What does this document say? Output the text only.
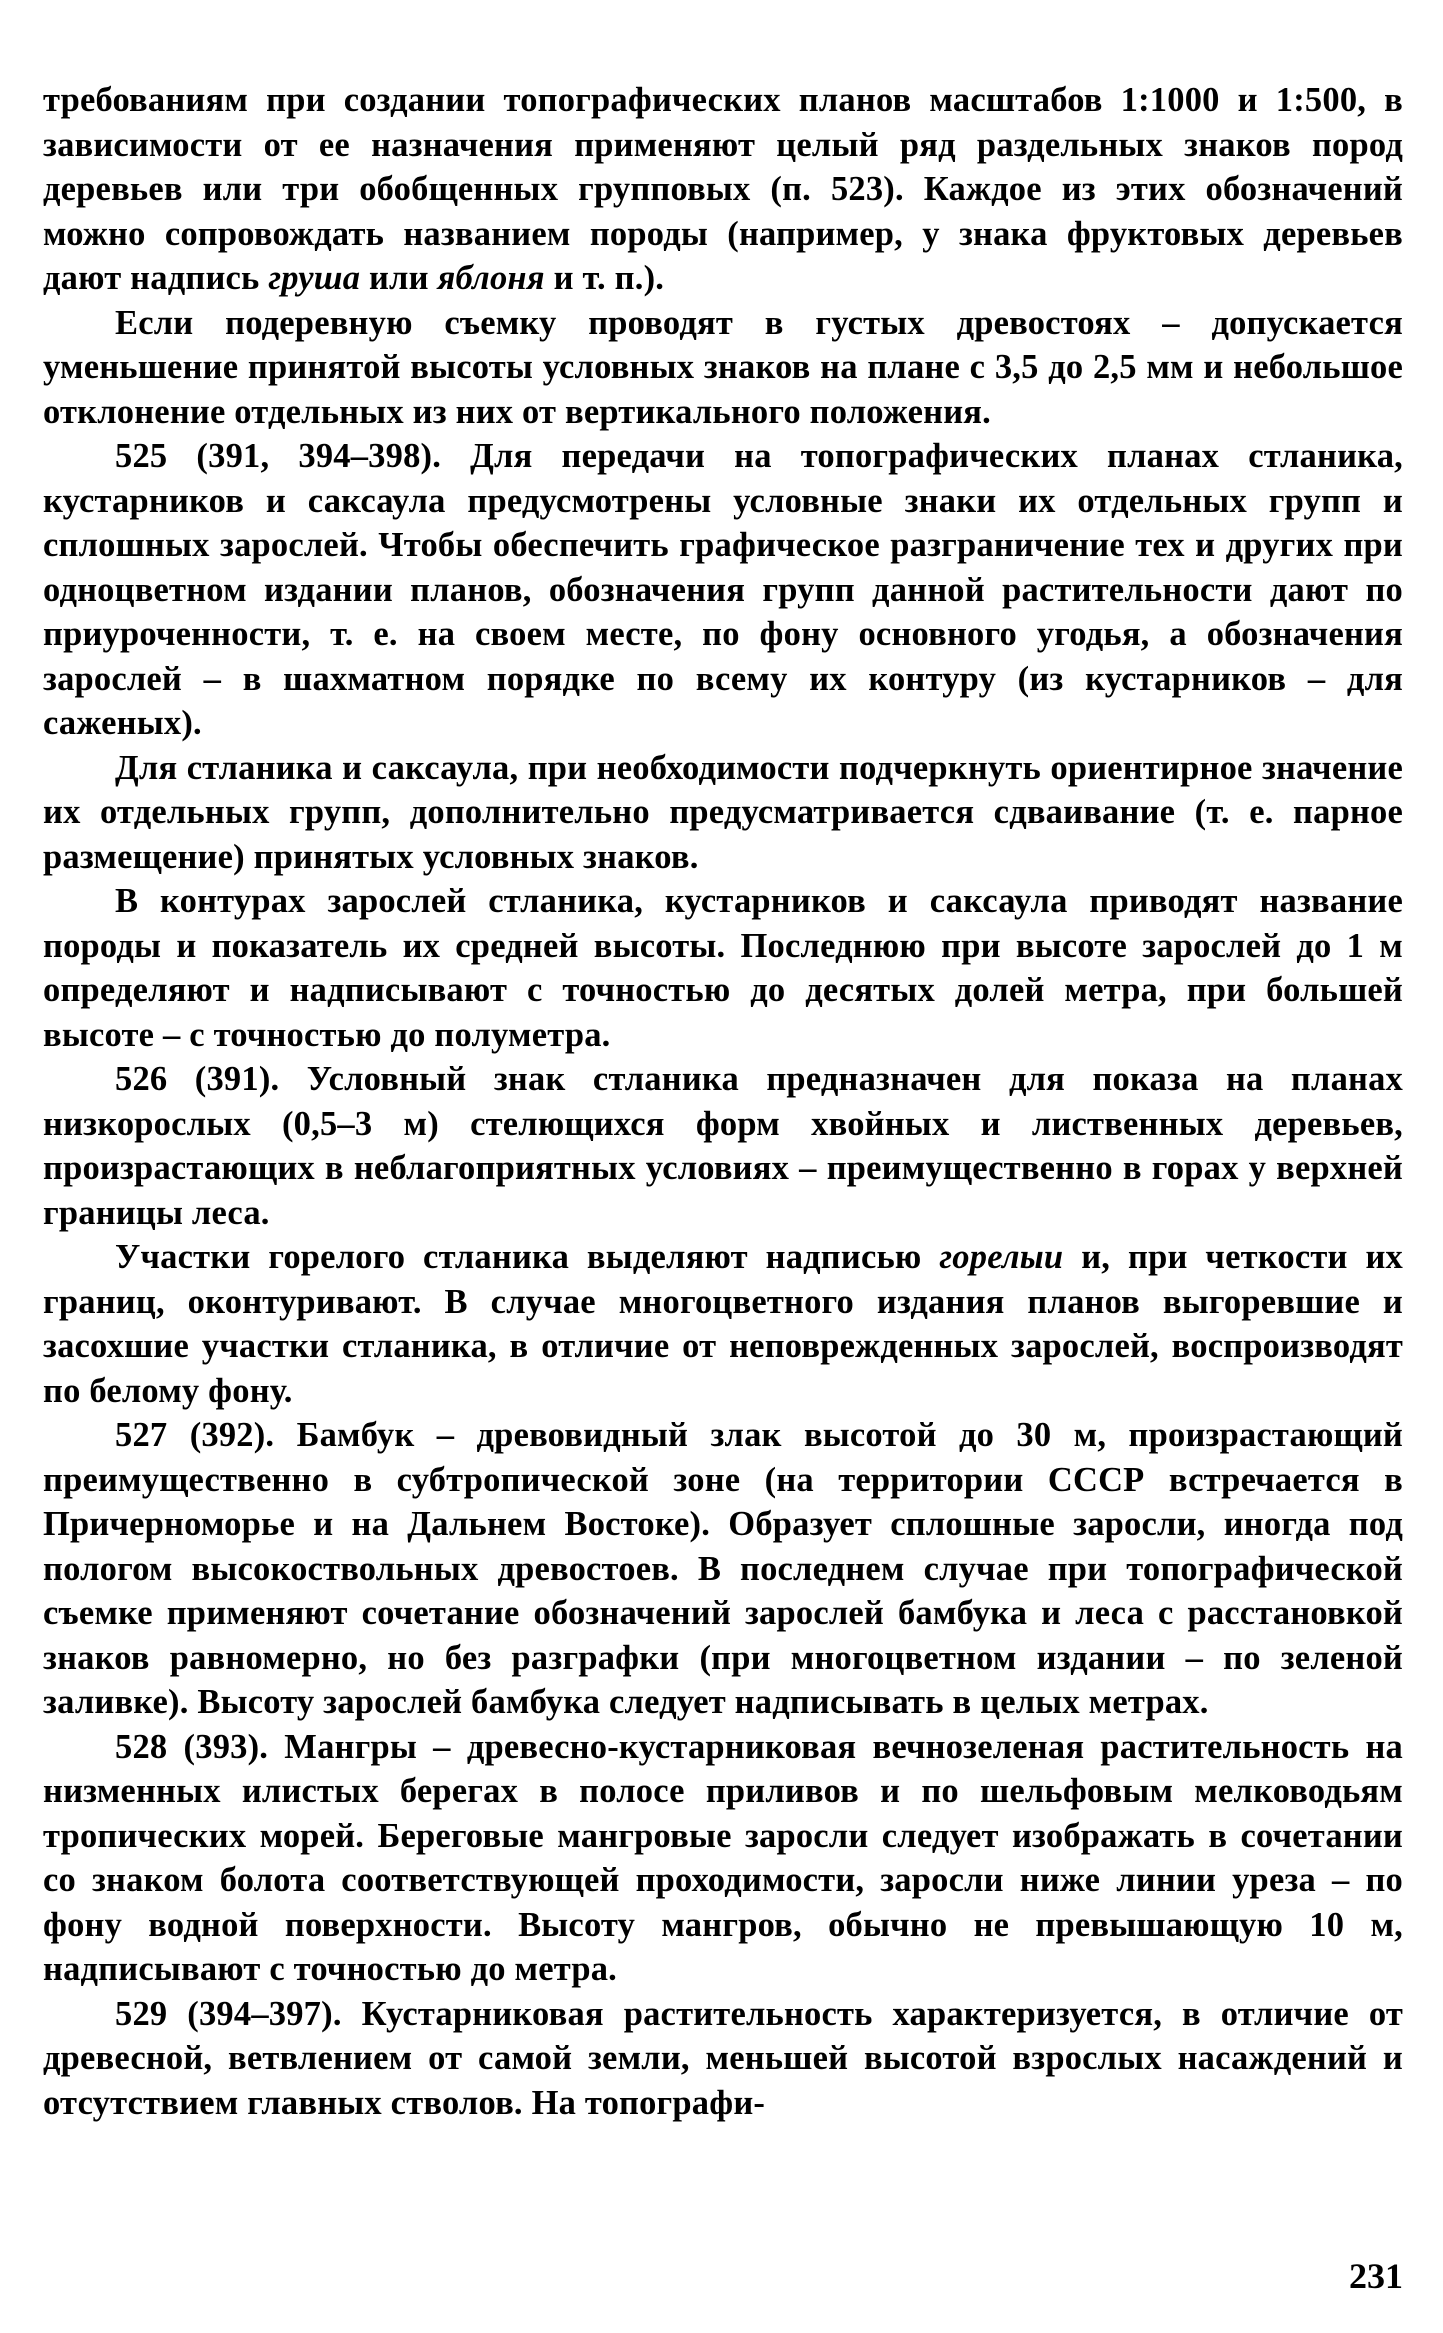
требованиям при создании топографических планов масштабов 1:1000 и 1:500, в зависимости от ее назначения применяют целый ряд раздельных знаков пород деревьев или три обобщенных групповых (п. 523). Каждое из этих обозначений можно сопровождать названием породы (например, у знака фруктовых деревьев дают надпись груша или яблоня и т. п.).

Если подеревную съемку проводят в густых древостоях – допускается уменьшение принятой высоты условных знаков на плане с 3,5 до 2,5 мм и небольшое отклонение отдельных из них от вертикального положения.

525 (391, 394–398). Для передачи на топографических планах стланика, кустарников и саксаула предусмотрены условные знаки их отдельных групп и сплошных зарослей. Чтобы обеспечить графическое разграничение тех и других при одноцветном издании планов, обозначения групп данной растительности дают по приуроченности, т. е. на своем месте, по фону основного угодья, а обозначения зарослей – в шахматном порядке по всему их контуру (из кустарников – для саженых).

Для стланика и саксаула, при необходимости подчеркнуть ориентирное значение их отдельных групп, дополнительно предусматривается сдваивание (т. е. парное размещение) принятых условных знаков.

В контурах зарослей стланика, кустарников и саксаула приводят название породы и показатель их средней высоты. Последнюю при высоте зарослей до 1 м определяют и надписывают с точностью до десятых долей метра, при большей высоте – с точностью до полуметра.

526 (391). Условный знак стланика предназначен для показа на планах низкорослых (0,5–3 м) стелющихся форм хвойных и лиственных деревьев, произрастающих в неблагоприятных условиях – преимущественно в горах у верхней границы леса.

Участки горелого стланика выделяют надписью горелыи и, при четкости их границ, оконтуривают. В случае многоцветного издания планов выгоревшие и засохшие участки стланика, в отличие от неповрежденных зарослей, воспроизводят по белому фону.

527 (392). Бамбук – древовидный злак высотой до 30 м, произрастающий преимущественно в субтропической зоне (на территории СССР встречается в Причерноморье и на Дальнем Востоке). Образует сплошные заросли, иногда под пологом высокоствольных древостоев. В последнем случае при топографической съемке применяют сочетание обозначений зарослей бамбука и леса с расстановкой знаков равномерно, но без разграфки (при многоцветном издании – по зеленой заливке). Высоту зарослей бамбука следует надписывать в целых метрах.

528 (393). Мангры – древесно-кустарниковая вечнозеленая растительность на низменных илистых берегах в полосе приливов и по шельфовым мелководьям тропических морей. Береговые мангровые заросли следует изображать в сочетании со знаком болота соответствующей проходимости, заросли ниже линии уреза – по фону водной поверхности. Высоту мангров, обычно не превышающую 10 м, надписывают с точностью до метра.

529 (394–397). Кустарниковая растительность характеризуется, в отличие от древесной, ветвлением от самой земли, меньшей высотой взрослых насаждений и отсутствием главных стволов. На топографи-

231
